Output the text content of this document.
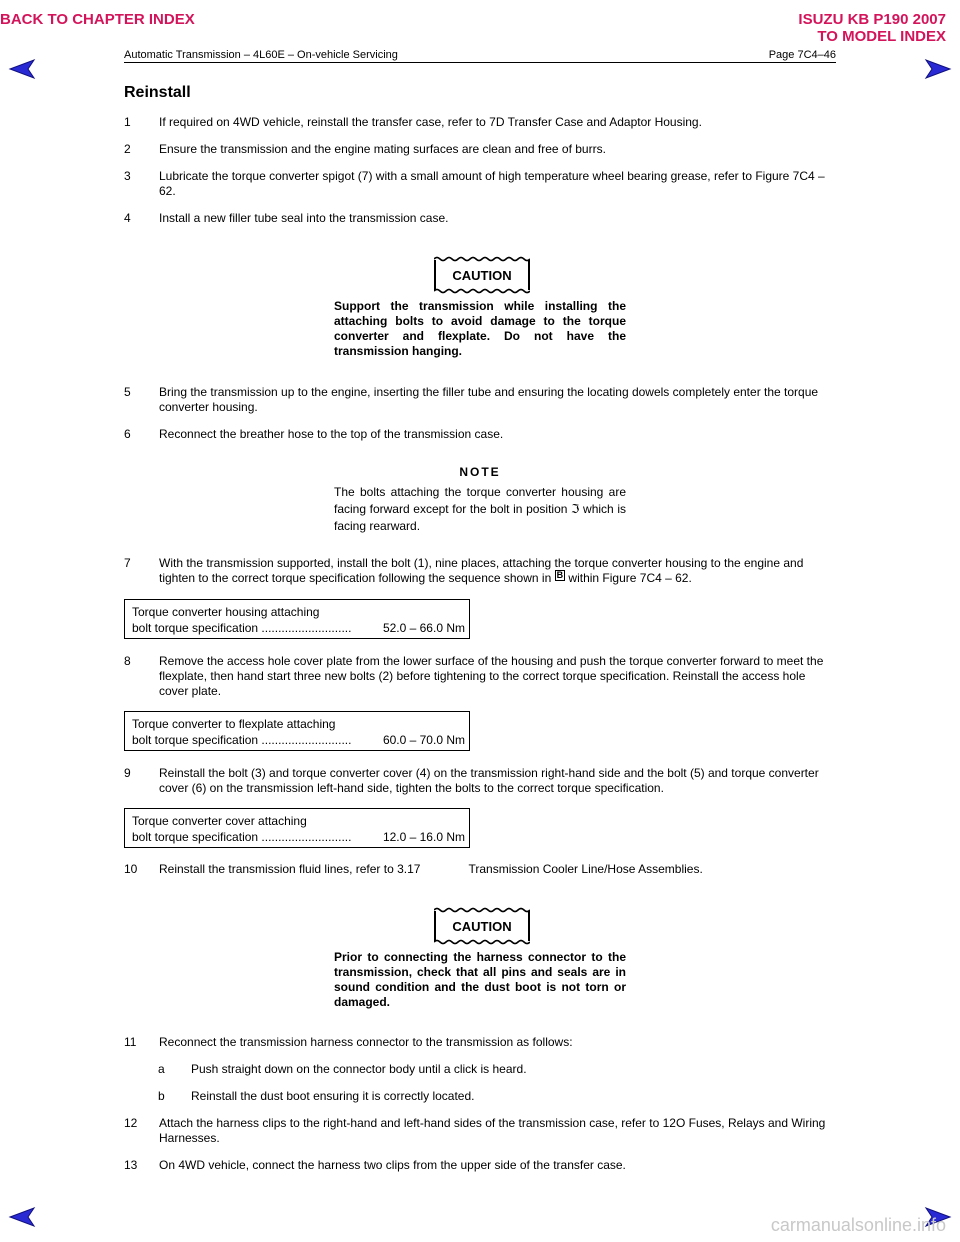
BACK TO CHAPTER INDEX	ISUZU KB P190 2007
TO MODEL INDEX
Automatic Transmission – 4L60E – On-vehicle Servicing	Page 7C4–46
Reinstall
1	If required on 4WD vehicle, reinstall the transfer case, refer to 7D Transfer Case and Adaptor Housing.
2	Ensure the transmission and the engine mating surfaces are clean and free of burrs.
3	Lubricate the torque converter spigot (7) with a small amount of high temperature wheel bearing grease, refer to Figure 7C4 – 62.
4	Install a new filler tube seal into the transmission case.
CAUTION
Support the transmission while installing the attaching bolts to avoid damage to the torque converter and flexplate. Do not have the transmission hanging.
5	Bring the transmission up to the engine, inserting the filler tube and ensuring the locating dowels completely enter the torque converter housing.
6	Reconnect the breather hose to the top of the transmission case.
NOTE
The bolts attaching the torque converter housing are facing forward except for the bolt in position ℑ which is facing rearward.
7	With the transmission supported, install the bolt (1), nine places, attaching the torque converter housing to the engine and tighten to the correct torque specification following the sequence shown in B within Figure 7C4 – 62.
Torque converter housing attaching
bolt torque specification
...........................
	52.0 – 66.0 Nm
8	Remove the access hole cover plate from the lower surface of the housing and push the torque converter forward to meet the flexplate, then hand start three new bolts (2) before tightening to the correct torque specification. Reinstall the access hole cover plate.
Torque converter to flexplate attaching
bolt torque specification
...........................
	60.0 – 70.0 Nm
9	Reinstall the bolt (3) and torque converter cover (4) on the transmission right-hand side and the bolt (5) and torque converter cover (6) on the transmission left-hand side, tighten the bolts to the correct torque specification.
Torque converter cover attaching
bolt torque specification
...........................
	12.0 – 16.0 Nm
10	Reinstall the transmission fluid lines, refer to 3.17	Transmission Cooler Line/Hose Assemblies.
CAUTION
Prior to connecting the harness connector to the transmission, check that all pins and seals are in sound condition and the dust boot is not torn or damaged.
11	Reconnect the transmission harness connector to the transmission as follows:
a	Push straight down on the connector body until a click is heard.
b	Reinstall the dust boot ensuring it is correctly located.
12	Attach the harness clips to the right-hand and left-hand sides of the transmission case, refer to 12O Fuses, Relays and Wiring Harnesses.
13	On 4WD vehicle, connect the harness two clips from the upper side of the transfer case.
carmanualsonline.info
